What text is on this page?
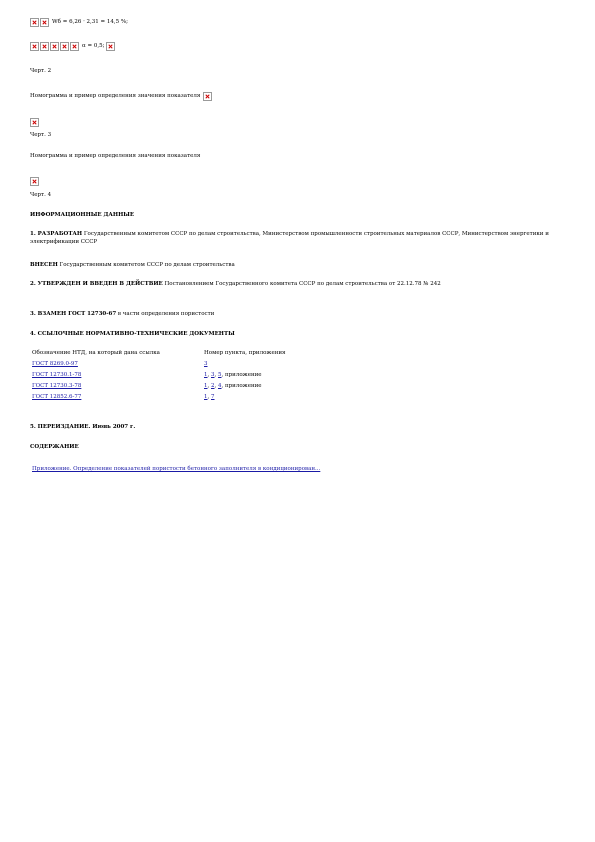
Wб = 6,26 · 2,31 = 14,5 %;
α = 0,5;

Черт. 2

Номограмма и пример определения значения показателя

Черт. 3

Номограмма и пример определения значения показателя

Черт. 4

ИНФОРМАЦИОННЫЕ ДАННЫЕ

1. РАЗРАБОТАН Государственным комитетом СССР по делам строительства, Министерством промышленности строительных материалов СССР, Министерством энергетики и электрификации СССР

ВНЕСЕН Государственным комитетом СССР по делам строительства

2. УТВЕРЖДЕН И ВВЕДЕН В ДЕЙСТВИЕ Постановлением Государственного комитета СССР по делам строительства от 22.12.78 № 242

3. ВЗАМЕН ГОСТ 12730-67 в части определения пористости

4. ССЫЛОЧНЫЕ НОРМАТИВНО-ТЕХНИЧЕСКИЕ ДОКУМЕНТЫ

Обозначение НТД, на который дана ссылка	Номер пункта, приложения
ГОСТ 8269.0-97	3
ГОСТ 12730.1-78	1, 3, 5, приложение
ГОСТ 12730.3-78	1, 2, 4, приложение
ГОСТ 12852.6-77	1, 7

5. ПЕРЕИЗДАНИЕ. Июнь 2007 г.

СОДЕРЖАНИЕ

Приложение. Определение показателей пористости бетонного заполнителя в кондиционирован...
